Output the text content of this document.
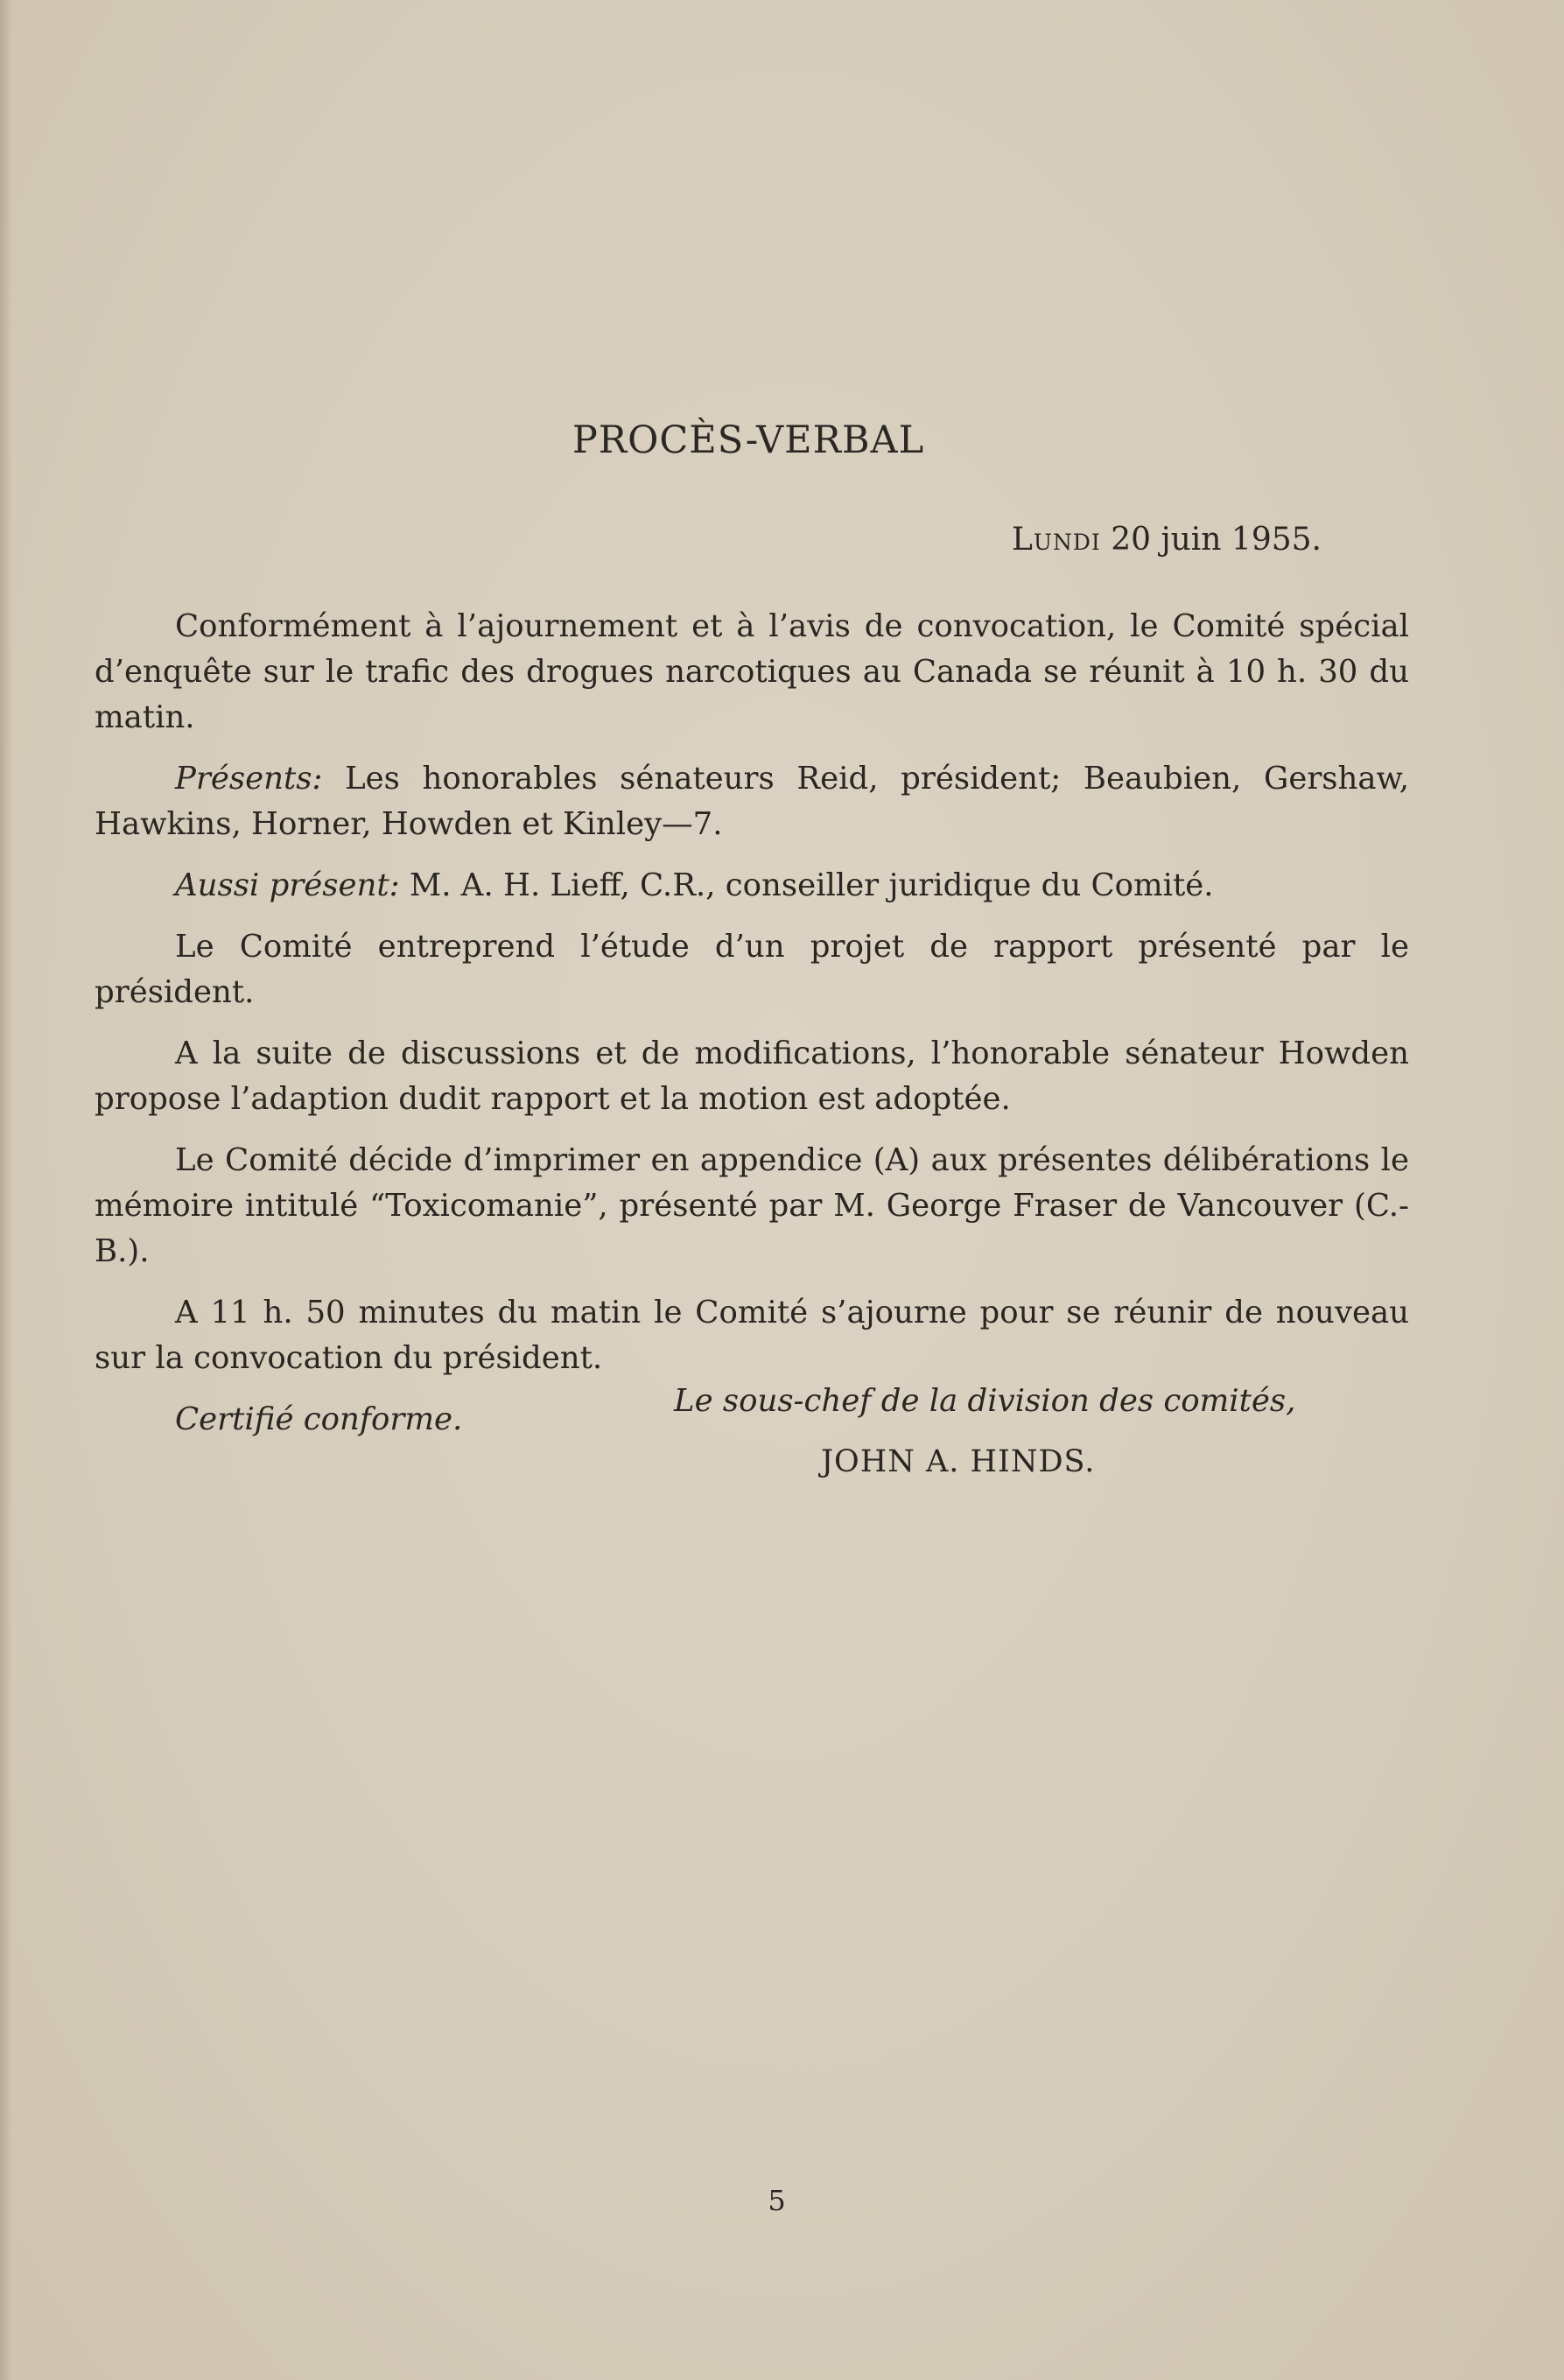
PROCÈS-VERBAL
Lundi 20 juin 1955.

Conformément à l’ajournement et à l’avis de convocation, le Comité spécial d’enquête sur le trafic des drogues narcotiques au Canada se réunit à 10 h. 30 du matin.

Présents: Les honorables sénateurs Reid, président; Beaubien, Gershaw, Hawkins, Horner, Howden et Kinley—7.

Aussi présent: M. A. H. Lieff, C.R., conseiller juridique du Comité.

Le Comité entreprend l’étude d’un projet de rapport présenté par le président.

A la suite de discussions et de modifications, l’honorable sénateur Howden propose l’adaption dudit rapport et la motion est adoptée.

Le Comité décide d’imprimer en appendice (A) aux présentes délibérations le mémoire intitulé “Toxicomanie”, présenté par M. George Fraser de Vancouver (C.-B.).

A 11 h. 50 minutes du matin le Comité s’ajourne pour se réunir de nouveau sur la convocation du président.

Certifié conforme.

Le sous-chef de la division des comités,
JOHN A. HINDS.
5
